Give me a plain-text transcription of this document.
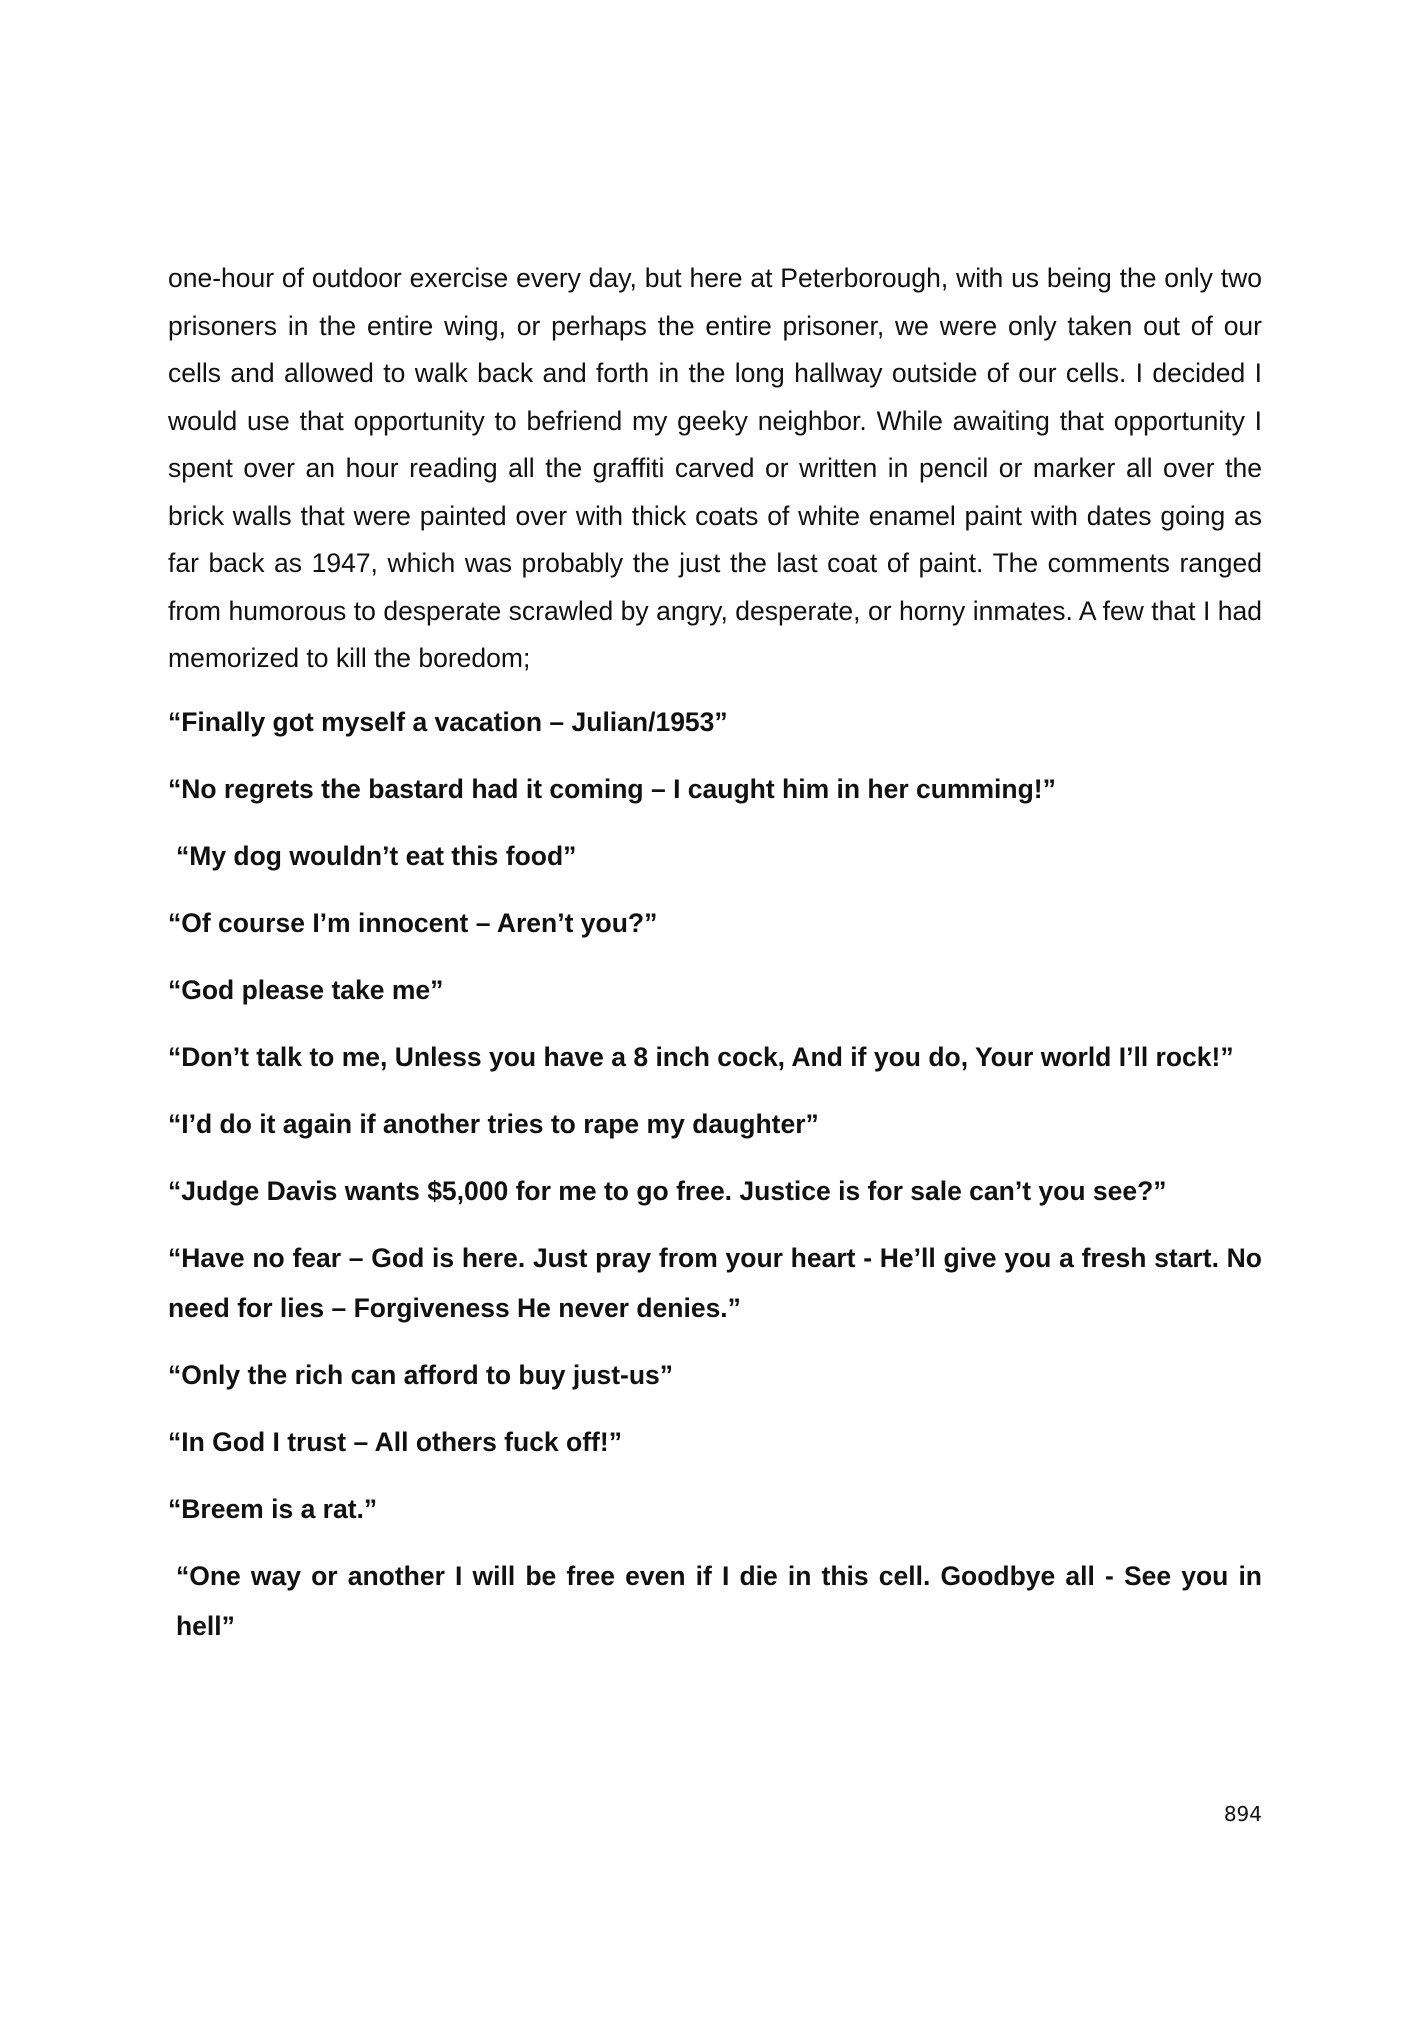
one-hour of outdoor exercise every day, but here at Peterborough, with us being the only two prisoners in the entire wing, or perhaps the entire prisoner, we were only taken out of our cells and allowed to walk back and forth in the long hallway outside of our cells. I decided I would use that opportunity to befriend my geeky neighbor. While awaiting that opportunity I spent over an hour reading all the graffiti carved or written in pencil or marker all over the brick walls that were painted over with thick coats of white enamel paint with dates going as far back as 1947, which was probably the just the last coat of paint. The comments ranged from humorous to desperate scrawled by angry, desperate, or horny inmates. A few that I had memorized to kill the boredom;

“Finally got myself a vacation – Julian/1953”
“No regrets the bastard had it coming – I caught him in her cumming!”
“My dog wouldn’t eat this food”
“Of course I’m innocent – Aren’t you?”
“God please take me”
“Don’t talk to me, Unless you have a 8 inch cock, And if you do, Your world I’ll rock!”
“I’d do it again if another tries to rape my daughter”
“Judge Davis wants $5,000 for me to go free. Justice is for sale can’t you see?”
“Have no fear – God is here. Just pray from your heart - He’ll give you a fresh start. No need for lies – Forgiveness He never denies.”
“Only the rich can afford to buy just-us”
“In God I trust – All others fuck off!”
“Breem is a rat.”
“One way or another I will be free even if I die in this cell. Goodbye all - See you in hell”
894
